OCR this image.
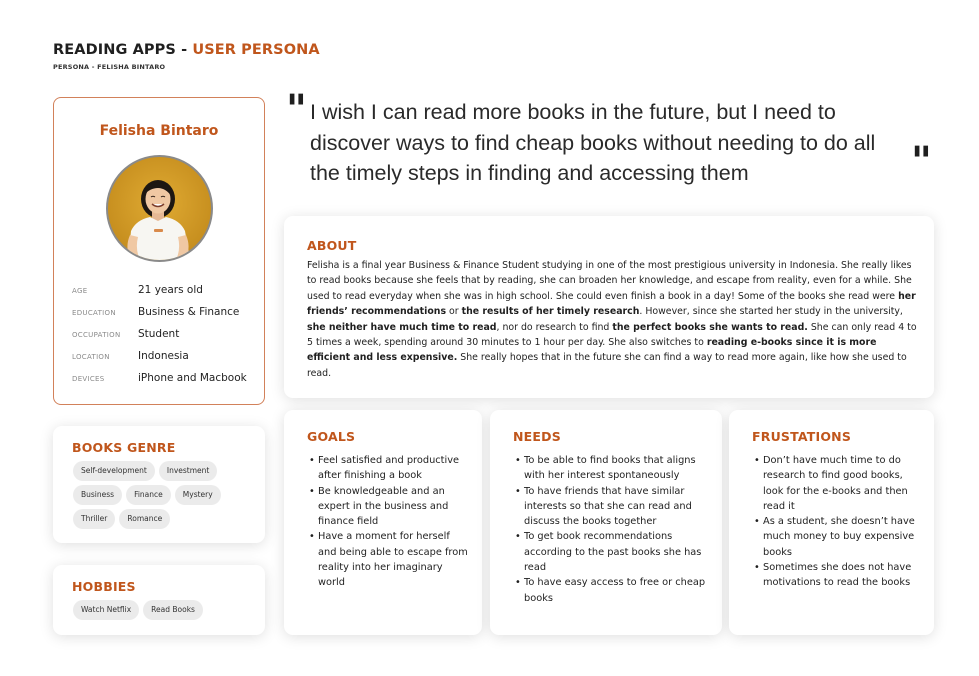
READING APPS - USER PERSONA
PERSONA - FELISHA BINTARO
" I wish I can read more books in the future, but I need to discover ways to find cheap books without needing to do all the timely steps in finding and accessing them	"
Felisha Bintaro
AGE	21 years old
EDUCATION Business & Finance
OCCUPATION Student
LOCATION	Indonesia
DEVICES	iPhone and Macbook
BOOKS GENRE
Self-development	Investment
Business	Finance	Mystery
Thriller	Romance
HOBBIES
Watch Netflix	Read Books
ABOUT
Felisha is a final year Business & Finance Student studying in one of the most prestigious university in Indonesia. She really likes to read books because she feels that by reading, she can broaden her knowledge, and escape from reality, even for a while. She used to read everyday when she was in high school. She could even finish a book in a day! Some of the books she read were her friends’ recommendations or the results of her timely research. However, since she started her study in the university, she neither have much time to read, nor do research to find the perfect books she wants to read. She can only read 4 to 5 times a week, spending around 30 minutes to 1 hour per day. She also switches to reading e-books since it is more efficient and less expensive. She really hopes that in the future she can find a way to read more again, like how she used to read.
GOALS
• Feel satisfied and productive after finishing a book
• Be knowledgeable and an expert in the business and finance field
• Have a moment for herself and being able to escape from reality into her imaginary world
NEEDS
• To be able to find books that aligns with her interest spontaneously
• To have friends that have similar interests so that she can read and discuss the books together
• To get book recommendations according to the past books she has read
• To have easy access to free or cheap books
FRUSTATIONS
• Don’t have much time to do research to find good books, look for the e-books and then read it
• As a student, she doesn’t have much money to buy expensive books
• Sometimes she does not have motivations to read the books
